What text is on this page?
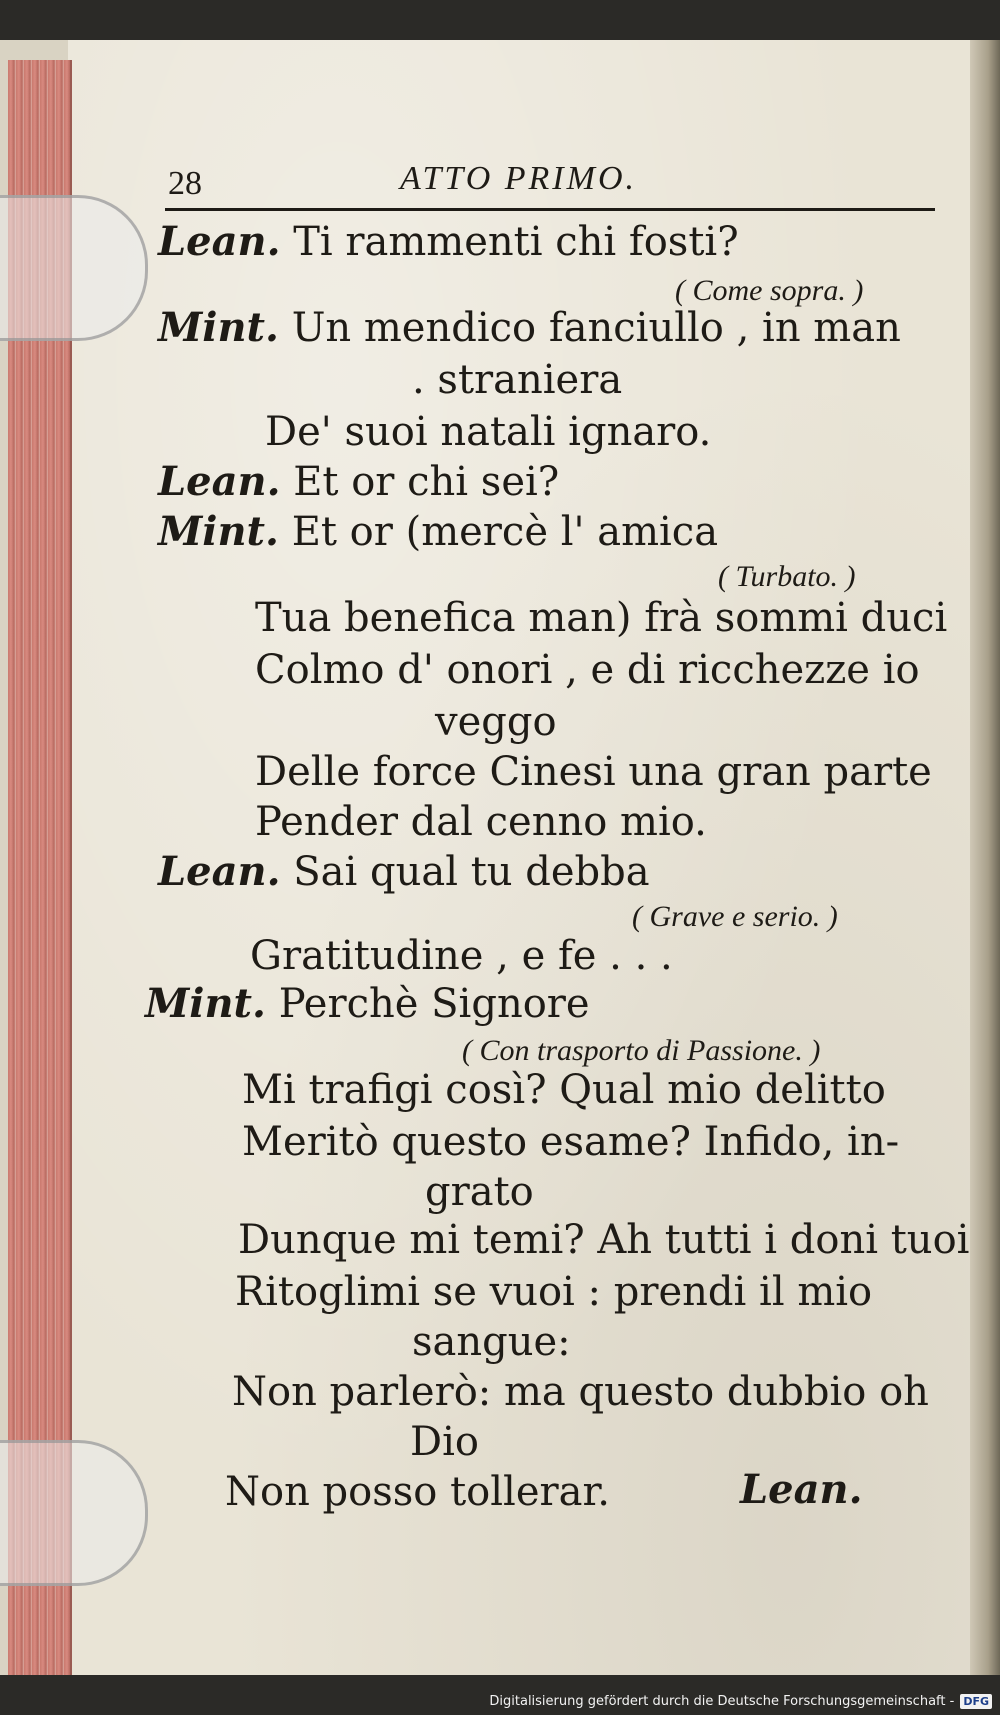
28	ATTO PRIMO.
Lean. Ti rammenti chi fosti?
( Come sopra. )
Mint. Un mendico fanciullo , in man
. straniera
De' suoi natali ignaro.
Lean. Et or chi sei?
Mint. Et or (mercè l' amica
( Turbato. )
Tua benefica man) frà sommi duci
Colmo d' onori , e di ricchezze io
veggo
Delle force Cinesi una gran parte
Pender dal cenno mio.
Lean. Sai qual tu debba
( Grave e serio. )
Gratitudine , e fe . . .
Mint. Perchè Signore
( Con trasporto di Passione. )
Mi trafigi così? Qual mio delitto
Meritò questo esame? Infido, in-
grato
Dunque mi temi? Ah tutti i doni tuoi
Ritoglimi se vuoi : prendi il mio
sangue:
Non parlerò: ma questo dubbio oh
Dio
Non posso tollerar.	Lean.
Digitalisierung gefördert durch die Deutsche Forschungsgemeinschaft - DFG
